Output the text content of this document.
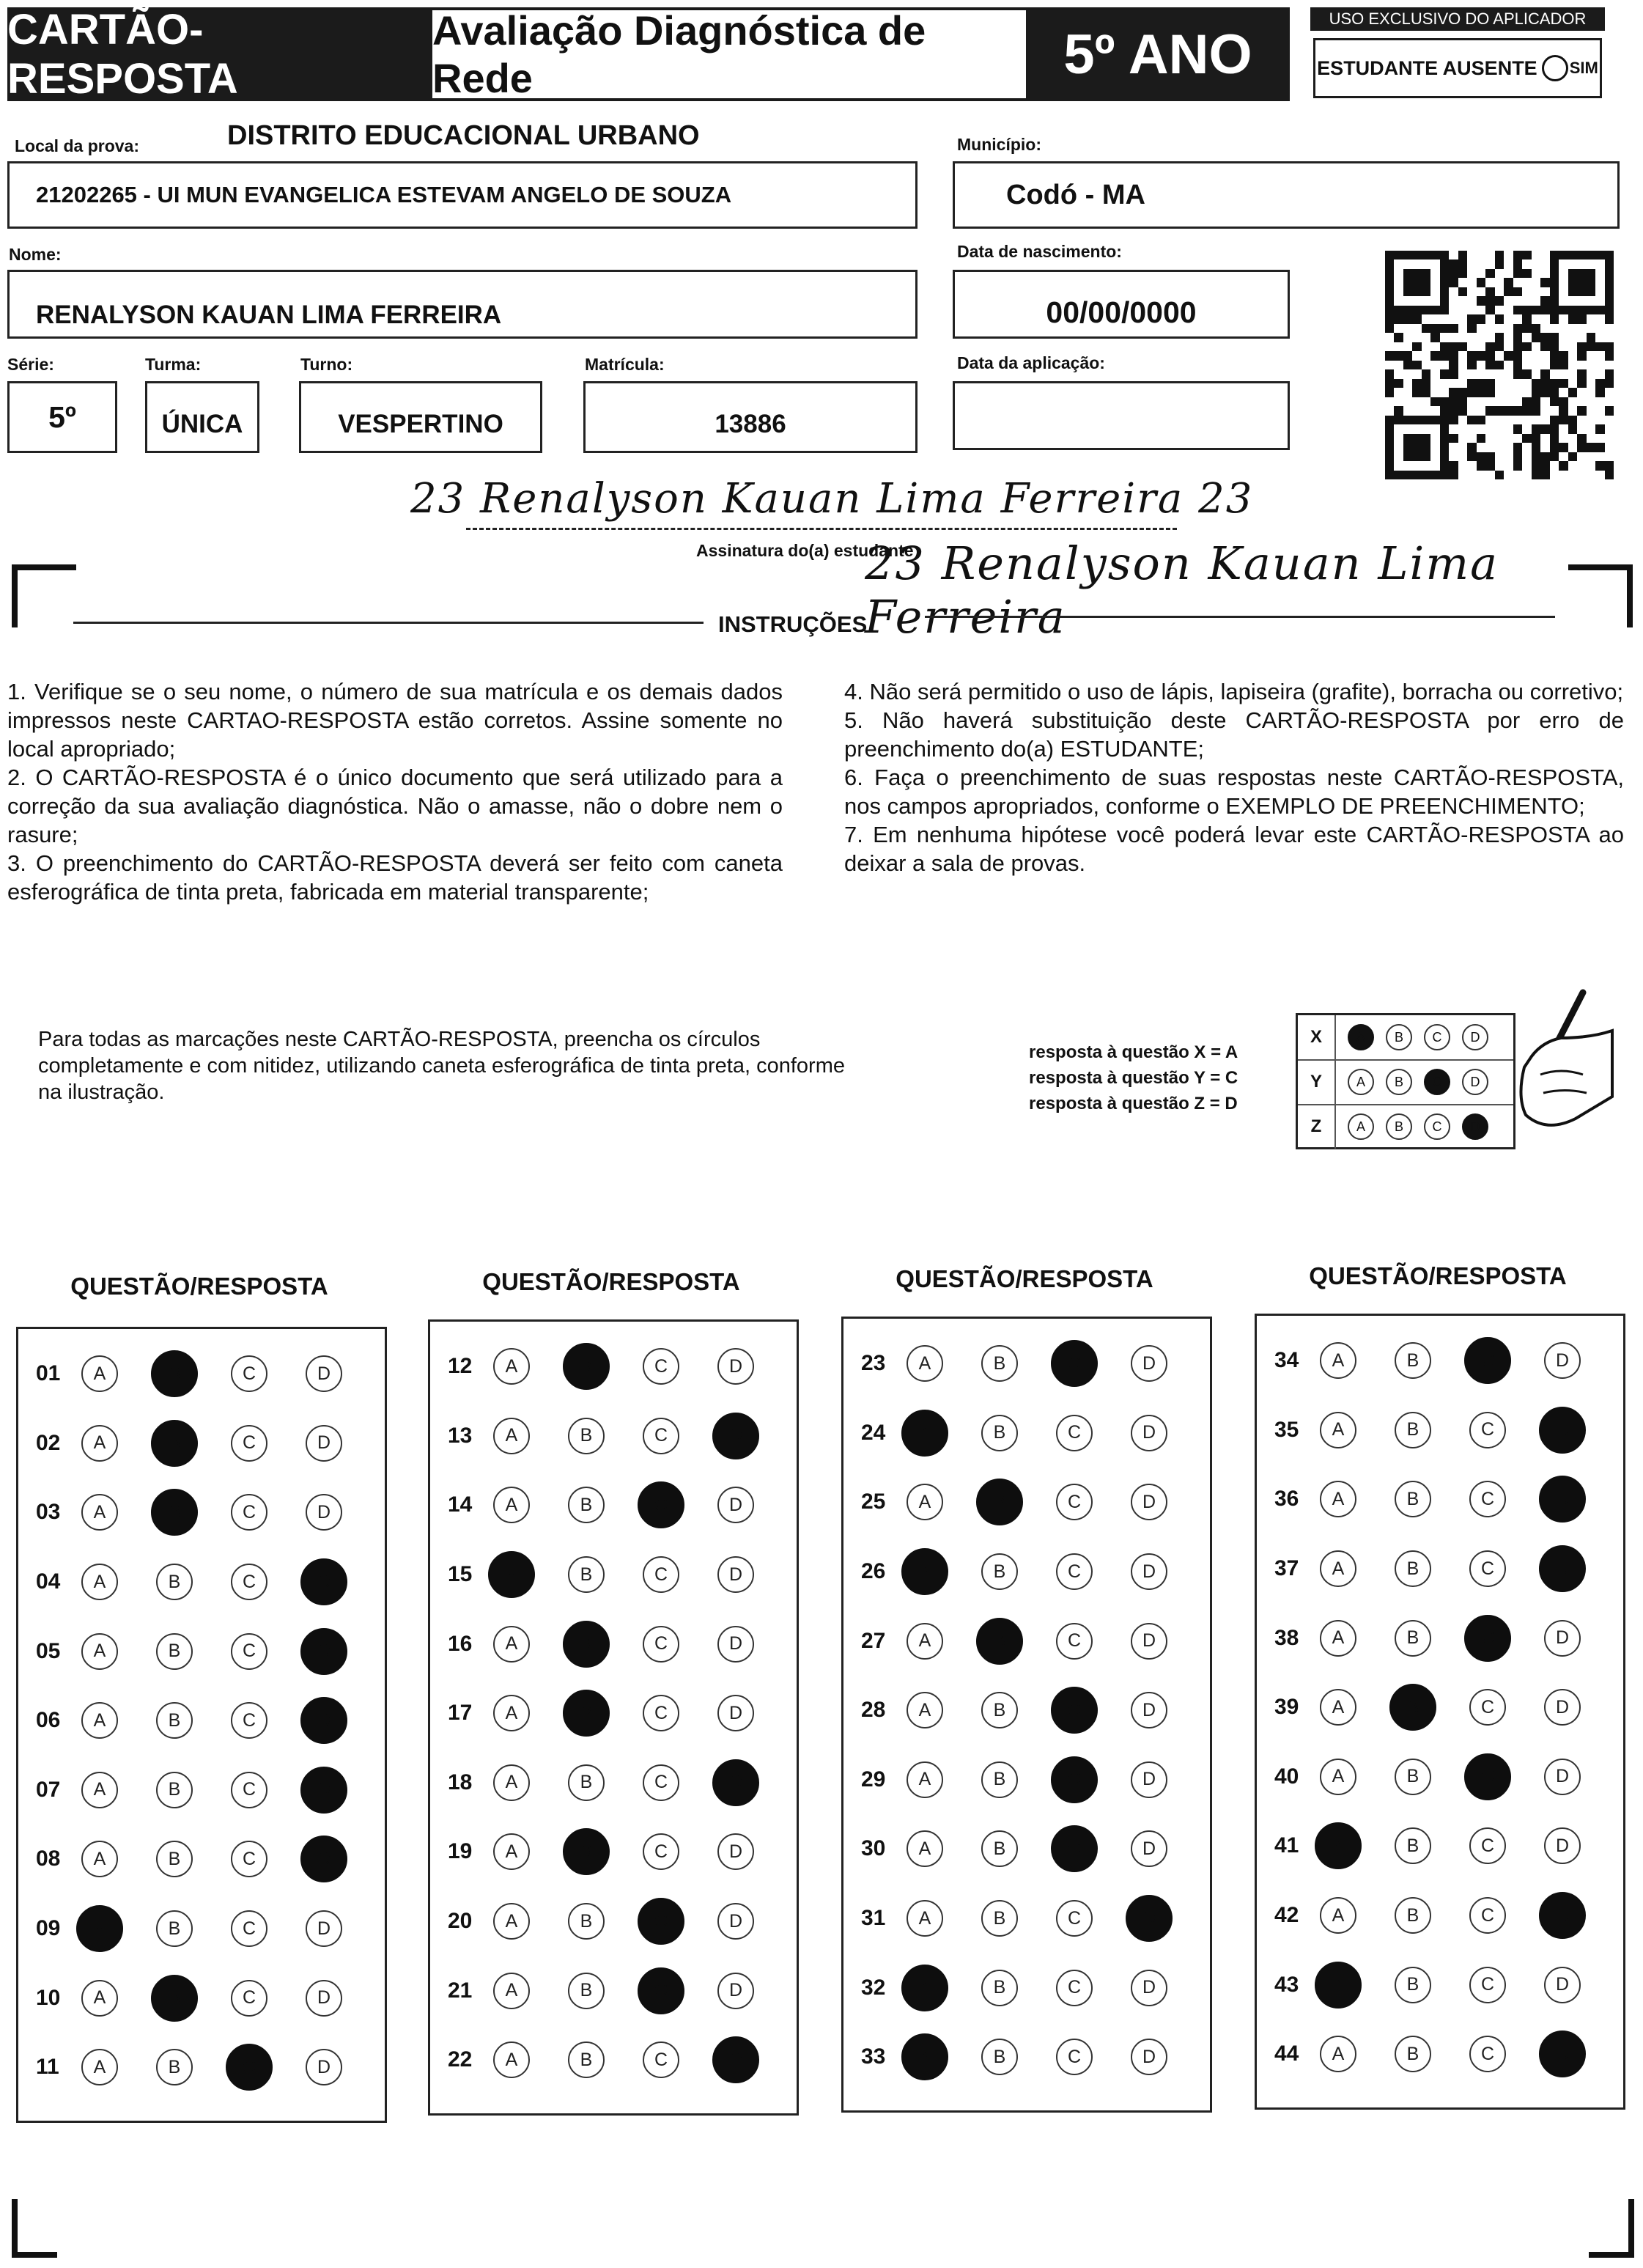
CARTÃO-RESPOSTA
Avaliação Diagnóstica de Rede	5º ANO
USO EXCLUSIVO DO APLICADOR
ESTUDANTE AUSENTE SIM
Local da prova:	DISTRITO EDUCACIONAL URBANO
21202265 - UI MUN EVANGELICA ESTEVAM ANGELO DE SOUZA
Município:
Codó - MA
Nome:
RENALYSON KAUAN LIMA FERREIRA
Data de nascimento:
00/00/0000
Série:
5º
Turma:
ÚNICA
Turno:
VESPERTINO
Matrícula:
13886
Data da aplicação:
23 Renalyson Kauan Lima Ferreira 23
Assinatura do(a) estudante
23 Renalyson Kauan Lima Ferreira
INSTRUÇÕES

1. Verifique se o seu nome, o número de sua matrícula e os demais dados impressos neste CARTAO-RESPOSTA estão corretos. Assine somente no local apropriado;

2. O CARTÃO-RESPOSTA é o único documento que será utilizado para a correção da sua avaliação diagnóstica. Não o amasse, não o dobre nem o rasure;

3. O preenchimento do CARTÃO-RESPOSTA deverá ser feito com caneta esferográfica de tinta preta, fabricada em material transparente;

4. Não será permitido o uso de lápis, lapiseira (grafite), borracha ou corretivo;

5. Não haverá substituição deste CARTÃO-RESPOSTA por erro de preenchimento do(a) ESTUDANTE;

6. Faça o preenchimento de suas respostas neste CARTÃO-RESPOSTA, nos campos apropriados, conforme o EXEMPLO DE PREENCHIMENTO;

7. Em nenhuma hipótese você poderá levar este CARTÃO-RESPOSTA ao deixar a sala de provas.

Para todas as marcações neste CARTÃO-RESPOSTA, preencha os círculos completamente e com nitidez, utilizando caneta esferográfica de tinta preta, conforme na ilustração.
resposta à questão X = A
resposta à questão Y = C
resposta à questão Z = D
X	A	B	C	D
Y	A	B	C	D
Z	A	B	C	D
QUESTÃO/RESPOSTA
01	A	B	C	D
02	A	B	C	D
03	A	B	C	D
04	A	B	C	D
05	A	B	C	D
06	A	B	C	D
07	A	B	C	D
08	A	B	C	D
09	A	B	C	D
10	A	B	C	D
11	A	B	C	D
QUESTÃO/RESPOSTA
12	A	B	C	D
13	A	B	C	D
14	A	B	C	D
15	A	B	C	D
16	A	B	C	D
17	A	B	C	D
18	A	B	C	D
19	A	B	C	D
20	A	B	C	D
21	A	B	C	D
22	A	B	C	D
QUESTÃO/RESPOSTA
23	A	B	C	D
24	A	B	C	D
25	A	B	C	D
26	A	B	C	D
27	A	B	C	D
28	A	B	C	D
29	A	B	C	D
30	A	B	C	D
31	A	B	C	D
32	A	B	C	D
33	A	B	C	D
QUESTÃO/RESPOSTA
34	A	B	C	D
35	A	B	C	D
36	A	B	C	D
37	A	B	C	D
38	A	B	C	D
39	A	B	C	D
40	A	B	C	D
41	A	B	C	D
42	A	B	C	D
43	A	B	C	D
44	A	B	C	D
